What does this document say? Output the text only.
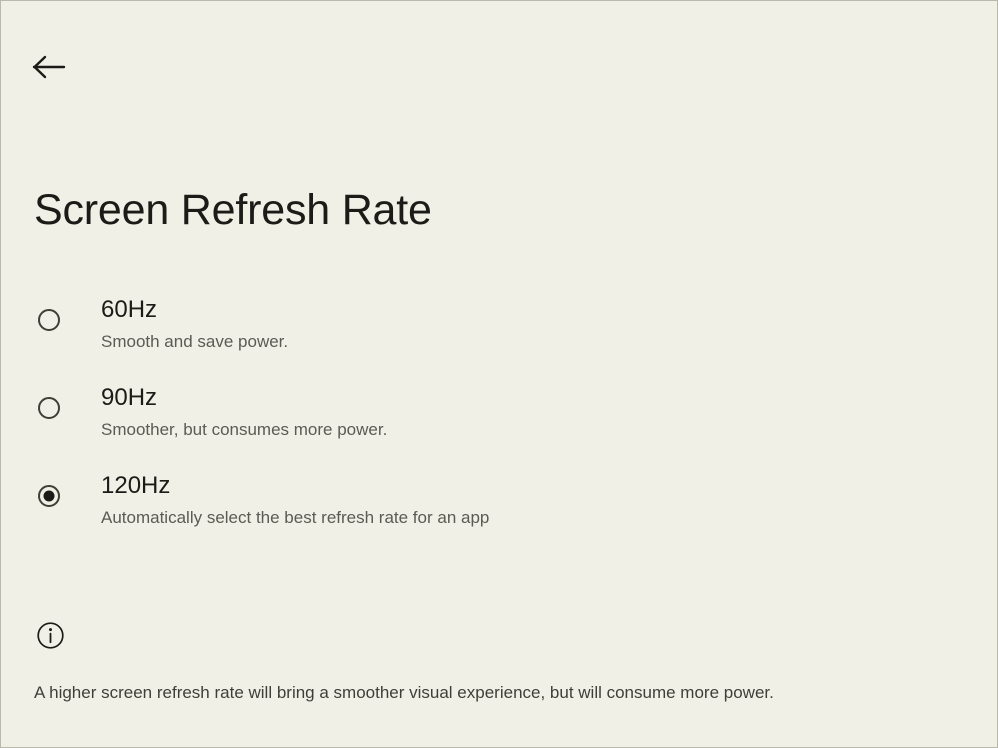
Screen Refresh Rate
60Hz
Smooth and save power.
90Hz
Smoother, but consumes more power.
120Hz
Automatically select the best refresh rate for an app
A higher screen refresh rate will bring a smoother visual experience, but will consume more power.
